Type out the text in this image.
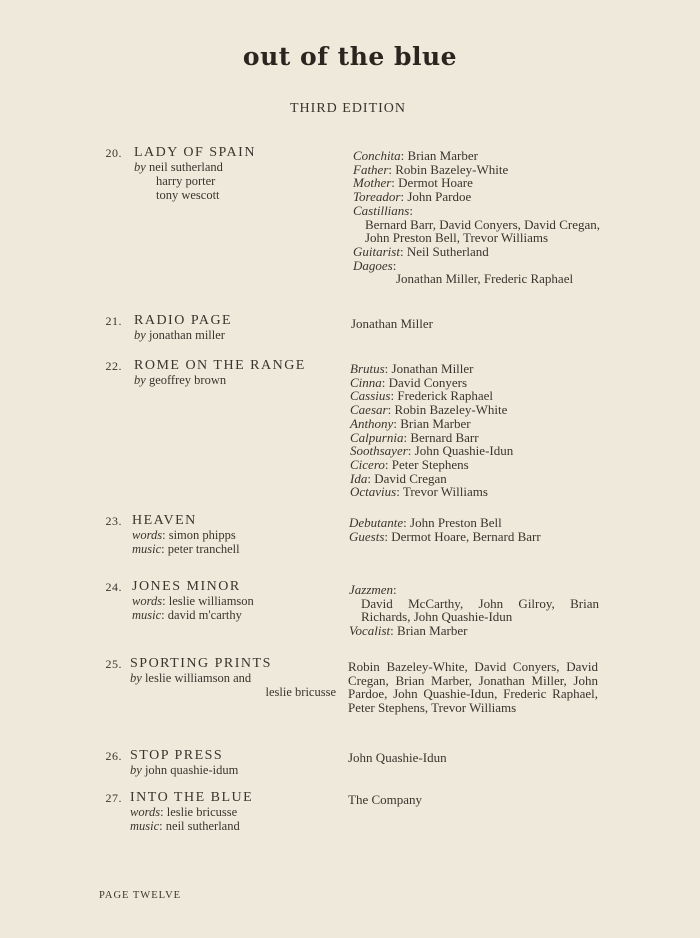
out of the blue
THIRD EDITION
20. LADY OF SPAIN
by neil sutherland
harry porter
tony wescott
Conchita: Brian Marber
Father: Robin Bazeley-White
Mother: Dermot Hoare
Toreador: John Pardoe
Castillians:
Bernard Barr, David Conyers, David Cregan, John Preston Bell, Trevor Williams
Guitarist: Neil Sutherland
Dagoes:
Jonathan Miller, Frederic Raphael
21. RADIO PAGE
by jonathan miller
Jonathan Miller
22. ROME ON THE RANGE
by geoffrey brown
Brutus: Jonathan Miller
Cinna: David Conyers
Cassius: Frederick Raphael
Caesar: Robin Bazeley-White
Anthony: Brian Marber
Calpurnia: Bernard Barr
Soothsayer: John Quashie-Idun
Cicero: Peter Stephens
Ida: David Cregan
Octavius: Trevor Williams
23. HEAVEN
words: simon phipps
music: peter tranchell
Debutante: John Preston Bell
Guests: Dermot Hoare, Bernard Barr
24. JONES MINOR
words: leslie williamson
music: david m'carthy
Jazzmen:
David McCarthy, John Gilroy, Brian Richards, John Quashie-Idun
Vocalist: Brian Marber
25. SPORTING PRINTS
by leslie williamson and
leslie bricusse
Robin Bazeley-White, David Conyers, David Cregan, Brian Marber, Jonathan Miller, John Pardoe, John Quashie-Idun, Frederic Raphael, Peter Stephens, Trevor Williams
26. STOP PRESS
by john quashie-idum
John Quashie-Idun
27. INTO THE BLUE
words: leslie bricusse
music: neil sutherland
The Company
PAGE TWELVE
